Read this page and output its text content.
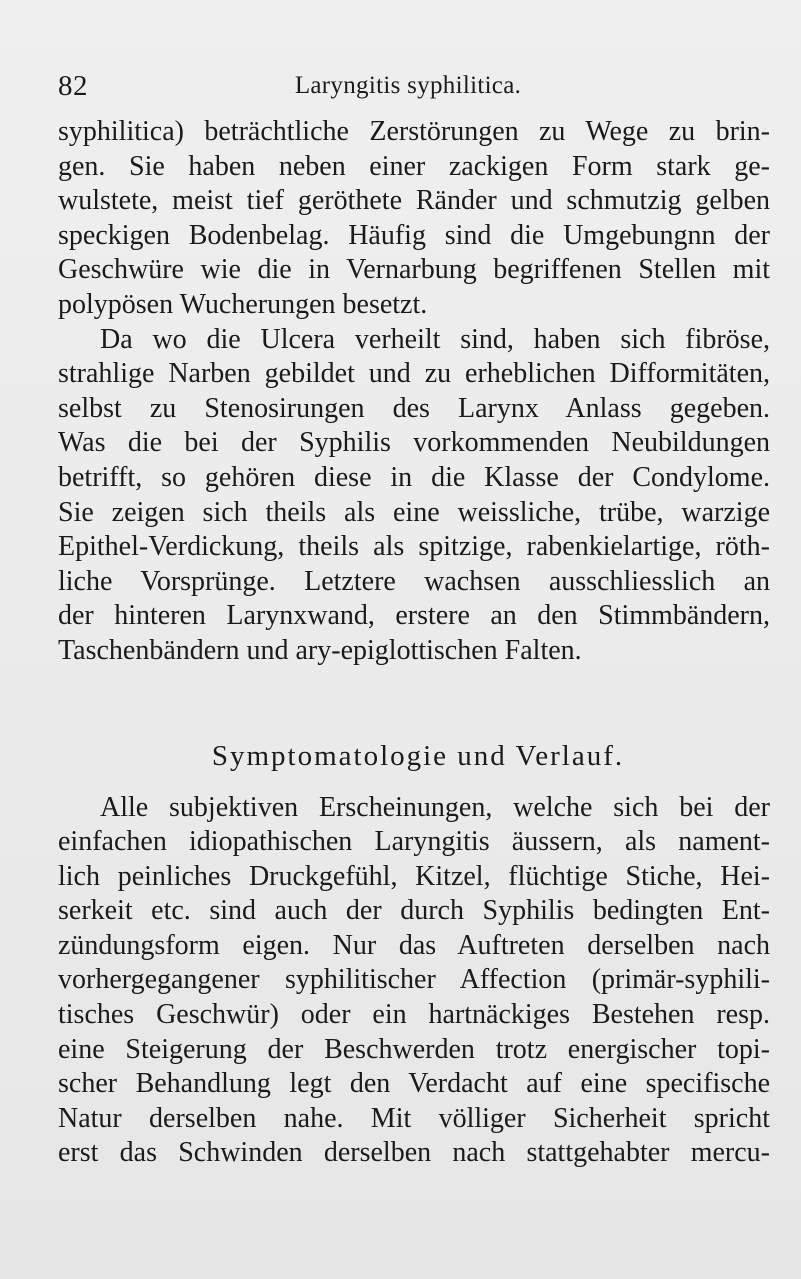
82	Laryngitis syphilitica.
syphilitica) beträchtliche Zerstörungen zu Wege zu brin-
gen. Sie haben neben einer zackigen Form stark ge-
wulstete, meist tief geröthete Ränder und schmutzig gelben
speckigen Bodenbelag. Häufig sind die Umgebungnn der
Geschwüre wie die in Vernarbung begriffenen Stellen mit
polypösen Wucherungen besetzt.
Da wo die Ulcera verheilt sind, haben sich fibröse,
strahlige Narben gebildet und zu erheblichen Difformitäten,
selbst zu Stenosirungen des Larynx Anlass gegeben.
Was die bei der Syphilis vorkommenden Neubildungen
betrifft, so gehören diese in die Klasse der Condylome.
Sie zeigen sich theils als eine weissliche, trübe, warzige
Epithel-Verdickung, theils als spitzige, rabenkielartige, röth-
liche Vorsprünge. Letztere wachsen ausschliesslich an
der hinteren Larynxwand, erstere an den Stimmbändern,
Taschenbändern und ary-epiglottischen Falten.
Symptomatologie und Verlauf.
Alle subjektiven Erscheinungen, welche sich bei der
einfachen idiopathischen Laryngitis äussern, als nament-
lich peinliches Druckgefühl, Kitzel, flüchtige Stiche, Hei-
serkeit etc. sind auch der durch Syphilis bedingten Ent-
zündungsform eigen. Nur das Auftreten derselben nach
vorhergegangener syphilitischer Affection (primär-syphili-
tisches Geschwür) oder ein hartnäckiges Bestehen resp.
eine Steigerung der Beschwerden trotz energischer topi-
scher Behandlung legt den Verdacht auf eine specifische
Natur derselben nahe. Mit völliger Sicherheit spricht
erst das Schwinden derselben nach stattgehabter mercu-
